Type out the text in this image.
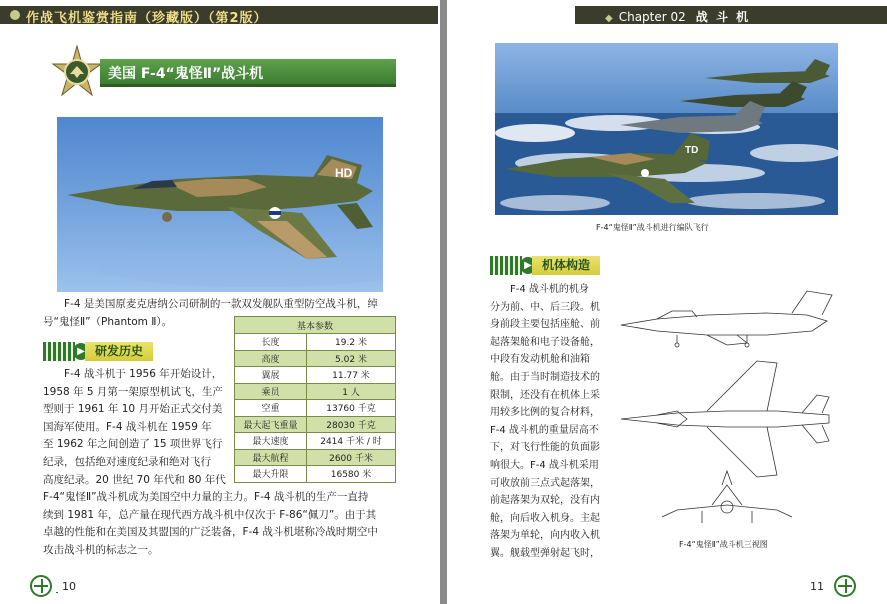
作战飞机鉴赏指南（珍藏版）（第2版）	◆ Chapter 02 战 斗 机
美国 F-4“鬼怪Ⅱ”战斗机
HD
TD
F-4“鬼怪Ⅱ”战斗机进行编队飞行

F-4 是美国原麦克唐纳公司研制的一款双发舰队重型防空战斗机，绰

号“鬼怪Ⅱ”（Phantom Ⅱ）。

▶ 研发历史

F-4 战斗机于 1956 年开始设计，

1958 年 5 月第一架原型机试飞，生产

型则于 1961 年 10 月开始正式交付美

国海军使用。F-4 战斗机在 1959 年

至 1962 年之间创造了 15 项世界飞行

纪录，包括绝对速度纪录和绝对飞行

高度纪录。20 世纪 70 年代和 80 年代

F-4“鬼怪Ⅱ”战斗机成为美国空中力量的主力。F-4 战斗机的生产一直持

续到 1981 年，总产量在现代西方战斗机中仅次于 F-86“佩刀”。由于其

卓越的性能和在美国及其盟国的广泛装备，F-4 战斗机堪称冷战时期空中

攻击战斗机的标志之一。

基本参数	
长度	19.2 米
高度	5.02 米
翼展	11.77 米
乘员	1 人
空重	13760 千克
最大起飞重量	28030 千克
最大速度	2414 千米 / 时
最大航程	2600 千米
最大升限	16580 米
▶ 机体构造

F-4 战斗机的机身

分为前、中、后三段。机

身前段主要包括座舱、前

起落架舱和电子设备舱，

中段有发动机舱和油箱

舱。由于当时制造技术的

限制，还没有在机体上采

用较多比例的复合材料，

F-4 战斗机的重量居高不

下，对飞行性能的负面影

响很大。F-4 战斗机采用

可收放前三点式起落架，

前起落架为双轮，没有内

舱，向后收入机身。主起

落架为单轮，向内收入机

翼。舰载型弹射起飞时，

F-4“鬼怪Ⅱ”战斗机三视图
10	11
